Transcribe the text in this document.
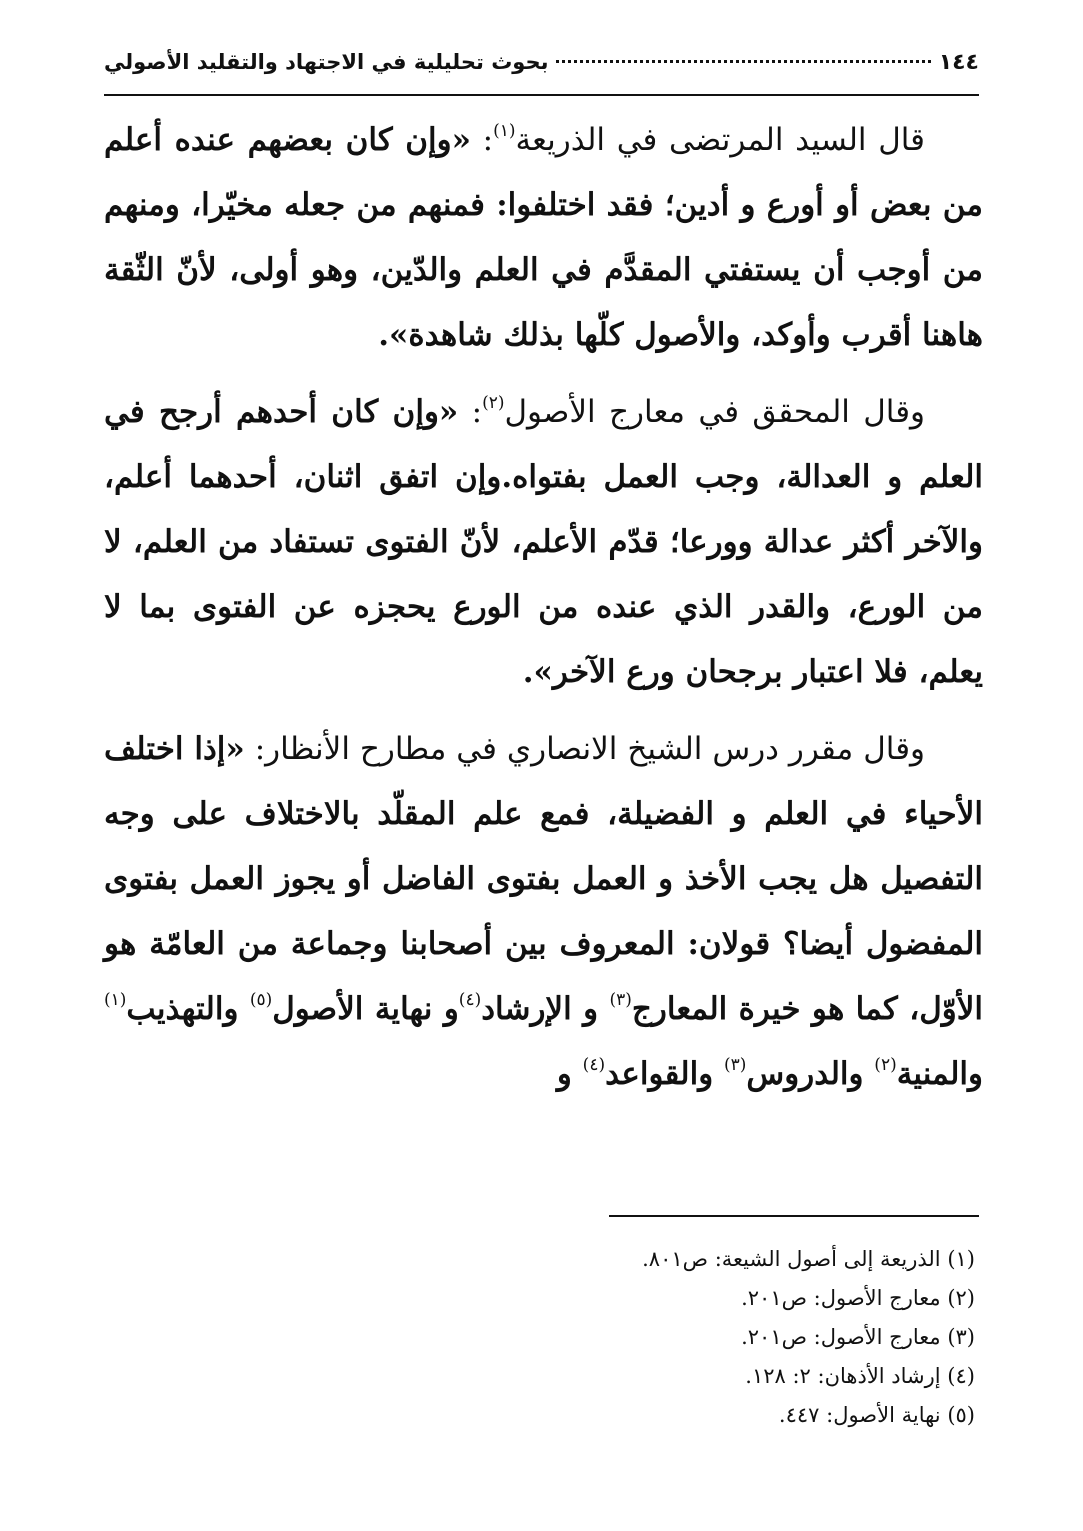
١٤٤
بحوث تحليلية في الاجتهاد والتقليد الأصولي

قال السيد المرتضى في الذريعة$^{(١)}$: «وإن كان بعضهم عنده أعلم من بعض أو أورع و أدين؛ فقد اختلفوا: فمنهم من جعله مخيّرا، ومنهم من أوجب أن يستفتي المقدَّم في العلم والدّين، وهو أولى، لأنّ الثّقة هاهنا أقرب وأوكد، والأصول كلّها بذلك شاهدة».

وقال المحقق في معارج الأصول$^{(٢)}$: «وإن كان أحدهم أرجح في العلم و العدالة، وجب العمل بفتواه.وإن اتفق اثنان، أحدهما أعلم، والآخر أكثر عدالة وورعا؛ قدّم الأعلم، لأنّ الفتوى تستفاد من العلم، لا من الورع، والقدر الذي عنده من الورع يحجزه عن الفتوى بما لا يعلم، فلا اعتبار برجحان ورع الآخر».

وقال مقرر درس الشيخ الانصاري في مطارح الأنظار: «إذا اختلف الأحياء في العلم و الفضيلة، فمع علم المقلّد بالاختلاف على وجه التفصيل هل يجب الأخذ و العمل بفتوى الفاضل أو يجوز العمل بفتوى المفضول أيضا؟ قولان: المعروف بين أصحابنا وجماعة من العامّة هو الأوّل، كما هو خيرة المعارج$^{(٣)}$ و الإرشاد$^{(٤)}$و نهاية الأصول$^{(٥)}$ والتهذيب$^{(١)}$ والمنية$^{(٢)}$ والدروس$^{(٣)}$ والقواعد$^{(٤)}$ و

(١) الذريعة إلى أصول الشيعة: ص٨٠١.
(٢) معارج الأصول: ص٢٠١.
(٣) معارج الأصول: ص٢٠١.
(٤) إرشاد الأذهان: ٢: ١٢٨.
(٥) نهاية الأصول: ٤٤٧.
